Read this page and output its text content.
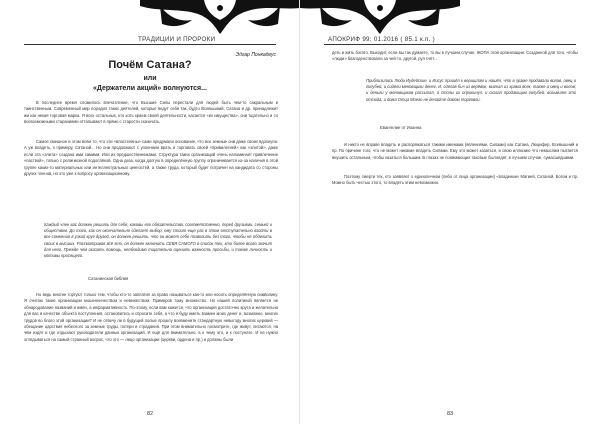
ТРАДИЦИИ И ПРОРОКИ
Эдгар Понкадеус
Почём Сатана?
или
«Держатели акций» волнуются...
В последнее время сложилось впечатление, что Высшие Силы перестали для людей быть чем-то сакральным и таинственным. Современный мир породил таких деятелей, которые ведут себя так, будто Всевышний, Сатана и др. принадлежит им как некая торговая марка. Я всех остальных, кто хоть краем своей деятельности, касается «их имущества», они тщательно и со всевозможными стараниями оттапывают в прямо с старости сказочать.
Самое смешное в этом всём то, что эти «властелины» сами придумали основание, что все земные они даже своих вдохнули. А уж владеть, к примеру, Сатаной... Но они продолжают с упоением врать и торговать своей «привилегией» как «элитой», даже если эта «элита» создана ими самими. Или их предшественниками. Структура таких организаций очень напоминает привлечение «паствой», только с религиозной подоплёкой. Одна деза, когда долгую в определённую группу ограничивается из-за наличия в этой группе каких-то материальных или интеллектуальных ценностей, а также труда, который будет потрачен на кандидата со стороны других членов, но это уже к вопросу организационному.
Каждый член вас должен решить для себя, каковы его обязательства, соответственно, перед друзьями, семьей и обществом. До того, как он окончательно сделает выбор, ему стоит еще раз в этом отступательно взойти в все сомнения в узкий круг друзей, он должен решить, что он может себе позволить без того, чтобы не обделить своих в высших. Рассматривая всё это, он должен включить СЕБЯ САМОГО в список тех, кто более всего значит для него. Прежде чем оказать помощь, необходимо тщательно оценить важность просьбы, и также личность и мотивы просящего.
Сатанинская библия
Но ведь многие торгуют только тем, чтобы кто-то заплатил за право называться как-то или носить определённую символику. Я считаю такие организации мошенничеством и невежеством. Примеров тому множество. Но нашей политикой является не обнародование названий и имён, а информативность. По-этому, если вам кажется, что организация достаточно крута и желательна для вас в качестве объекта поступления, остановитесь и спросите себя, а что я буду иметь взамен моих денег и, возможно, многих трудов во благо этой организации? И не отвечу ли в будущей полые прошлу всевмените стандартную невыгоду многих церквей — обещание царствия небесного за земные труды, потери и страдания. При этом внимательно посмотрите, где живут, питаются, на чём ездят и где отдыхают руководители данных организаций. И ещё для внимательно, а к чему это, и к постунате. И не нужно оглядываться на самый странный вопрос, что это — лицо организации (церкви, ордена и пр.) и должны были
82
АПОКРИФ 99: 01.2016 ( 85.1 к.п. )
деть и жить богато. Выходит, если вы так думаете, то вы в лучшем случае, ЖОПА этой организации. Созданной для того, чтобы «люди» благоденствовали за чей-то, другой, рул счёт...
Приблизились Люди Иудейские, и Иисус пришёл к вершилам и нашёл, что в храме продавали волов, овец и голубей, и сидели меновщики денег. И, сделав бич из верёвок, выгнал из храма всех, также и овец и волов; и деньги у меновщиков рассыпал, а столы их опрокинул, и сказал продающим голубей: возьмите это отсюда, и дома Отца Моего не делайте домом торговли.
Евангелие от Иоанна
И никто не вправе владеть и распоряжаться такими именами (явлениями, Силами) как Сатана, Люцифер, Всевышний и пр. По причине того, что не может никакие владеть Силами. Ему это может казаться, и свою иллюзию что немыслим пытается внушить остальным, чтобы казаться большим. В глазах не понимающих таковые былоядят, в лучшем случае, сумасшедшими.
Поэтому смерти тех, кто заявляет о единоличном (либо от лица организации) «владении» Магией, Сатаной, Богом и пр. Можно быть честью этого, то владеть этим невозможно.
83
